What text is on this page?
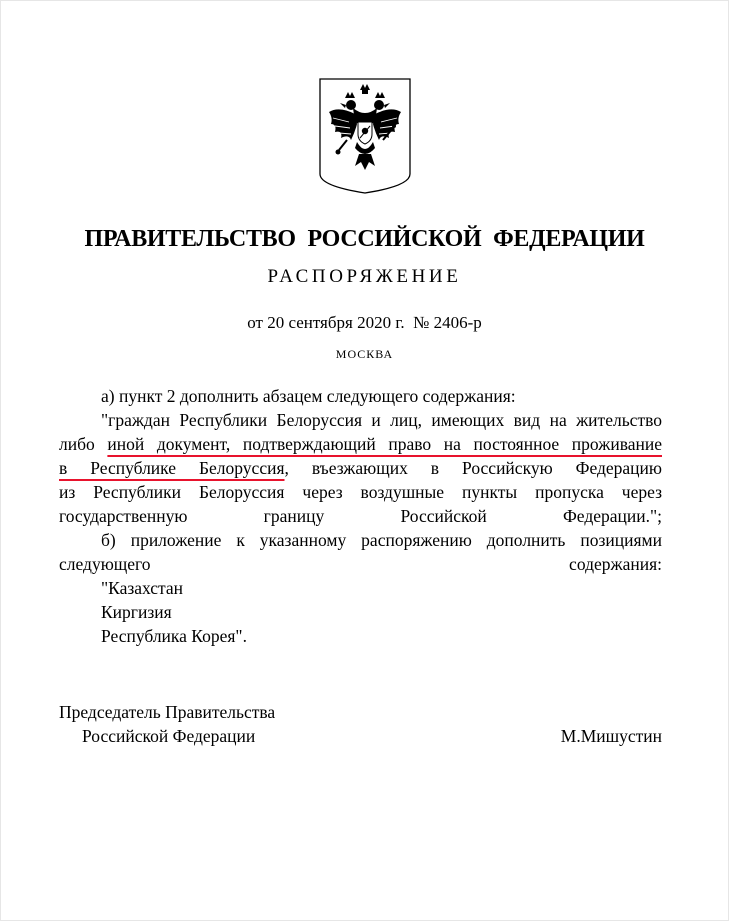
ПРАВИТЕЛЬСТВО РОССИЙСКОЙ ФЕДЕРАЦИИ
РАСПОРЯЖЕНИЕ
от 20 сентября 2020 г.  № 2406-р
МОСКВА

а) пункт 2 дополнить абзацем следующего содержания:

"граждан Республики Белоруссия и лиц, имеющих вид на жительство
либо иной документ, подтверждающий право на постоянное проживание
в Республике Белоруссия, въезжающих в Российскую Федерацию
из Республики Белоруссия через воздушные пункты пропуска через
государственную границу Российской Федерации.";
б) приложение к указанному распоряжению дополнить позициями
следующего содержания:
"Казахстан
Киргизия
Республика Корея".
Председатель Правительства
Российской Федерации	М.Мишустин
